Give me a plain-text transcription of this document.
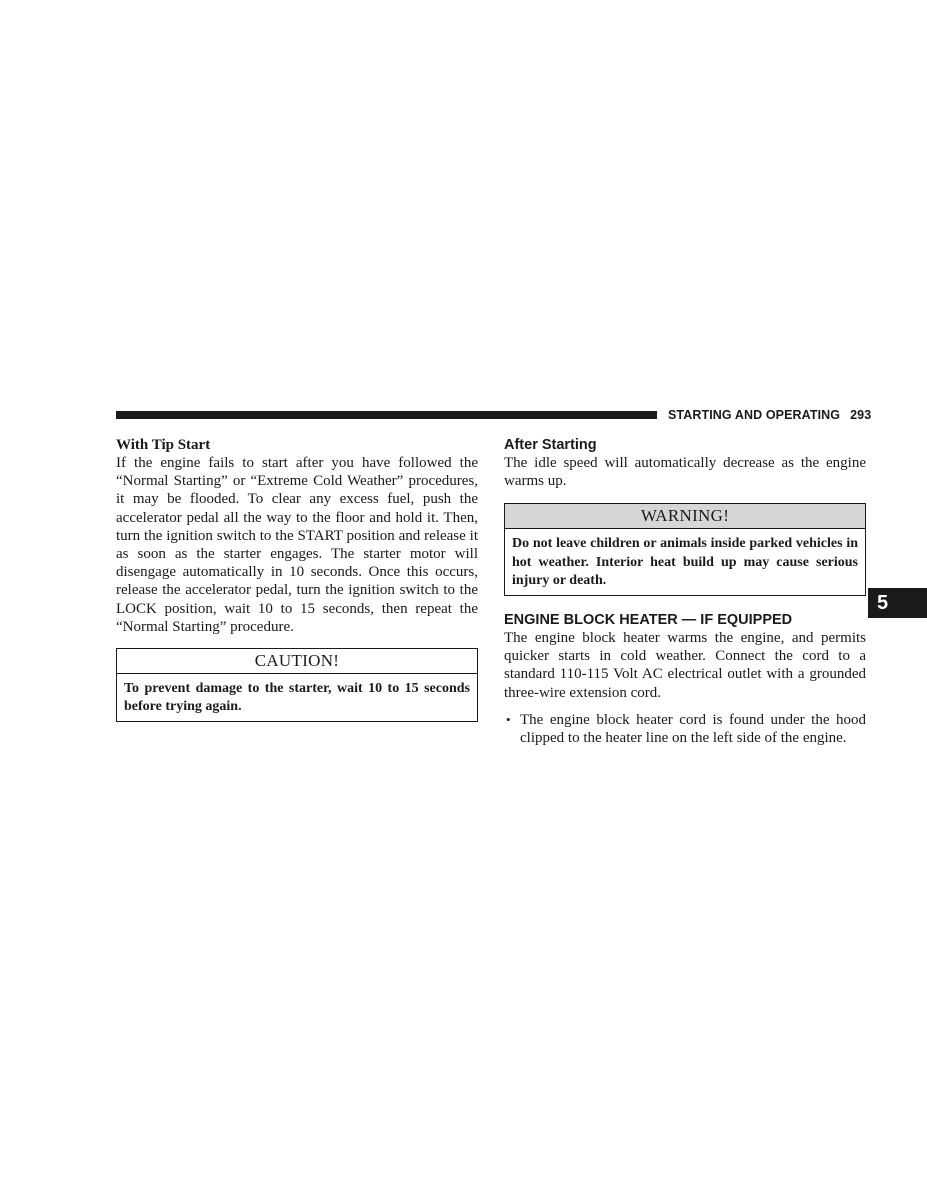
STARTING AND OPERATING 293
5
With Tip Start

If the engine fails to start after you have followed the “Normal Starting” or “Extreme Cold Weather” procedures, it may be flooded. To clear any excess fuel, push the accelerator pedal all the way to the floor and hold it. Then, turn the ignition switch to the START position and release it as soon as the starter engages. The starter motor will disengage automatically in 10 seconds. Once this occurs, release the accelerator pedal, turn the ignition switch to the LOCK position, wait 10 to 15 seconds, then repeat the “Normal Starting” procedure.

CAUTION!
To prevent damage to the starter, wait 10 to 15 seconds before trying again.
After Starting

The idle speed will automatically decrease as the engine warms up.

WARNING!
Do not leave children or animals inside parked vehicles in hot weather. Interior heat build up may cause serious injury or death.
ENGINE BLOCK HEATER — IF EQUIPPED

The engine block heater warms the engine, and permits quicker starts in cold weather. Connect the cord to a standard 110-115 Volt AC electrical outlet with a grounded three-wire extension cord.

• The engine block heater cord is found under the hood clipped to the heater line on the left side of the engine.
